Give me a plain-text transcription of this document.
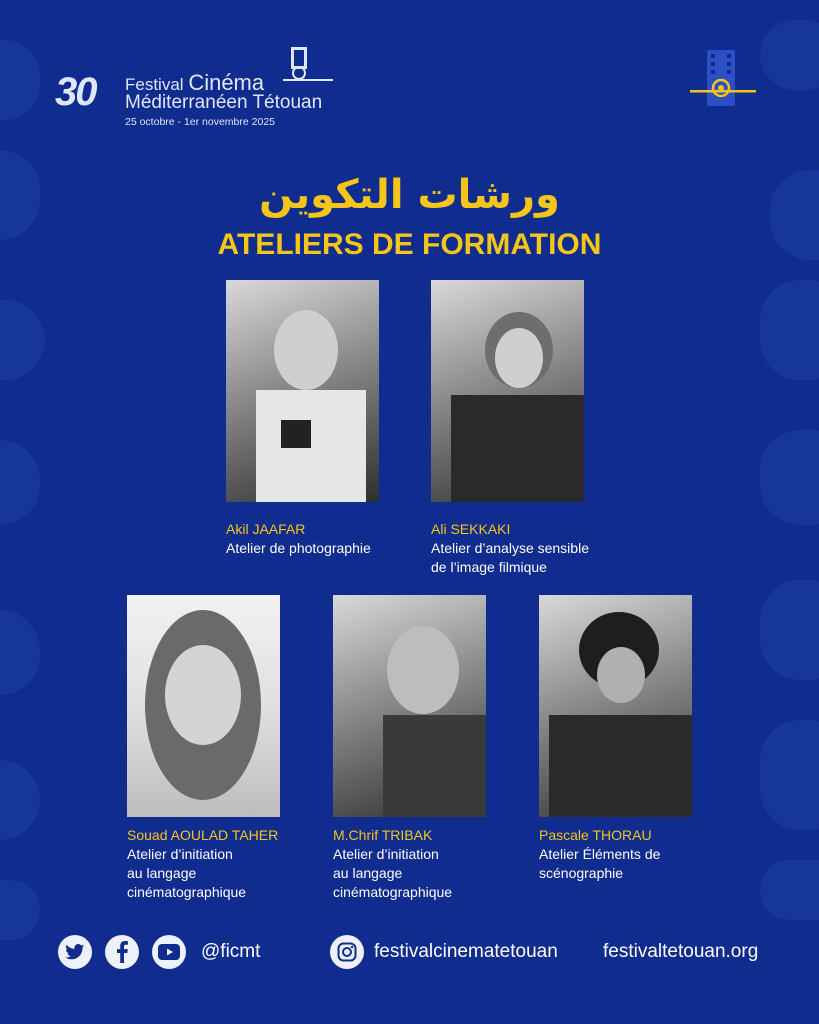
30 Festival Cinéma
Méditerranéen Tétouan
25 octobre - 1er novembre 2025
ورشات التكوين
ATELIERS DE FORMATION
Akil JAAFAR
Atelier de photographie
Ali SEKKAKI
Atelier d’analyse sensible
de l’image filmique
Souad AOULAD TAHER
Atelier d’initiation
au langage
cinématographique
M.Chrif TRIBAK
Atelier d’initiation
au langage
cinématographique
Pascale THORAU
Atelier Éléments de
scénographie
@ficmt	festivalcinematetouan festivaltetouan.org
